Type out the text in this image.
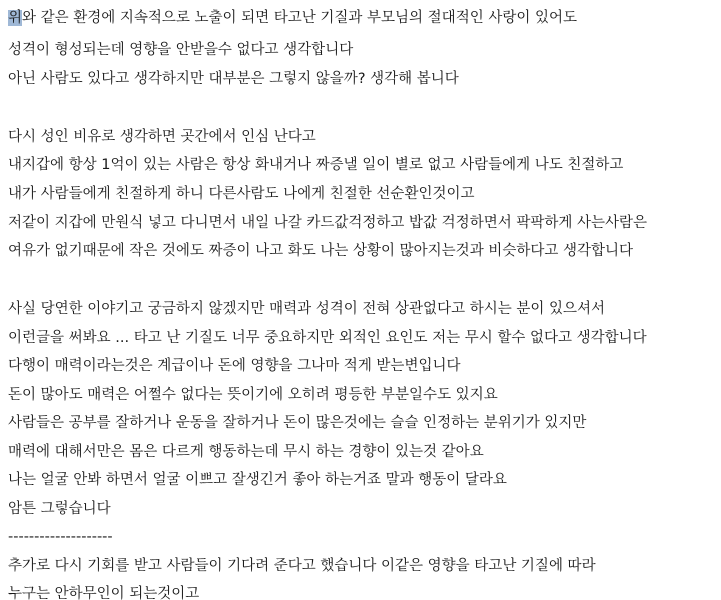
위와 같은 환경에 지속적으로 노출이 되면 타고난 기질과 부모님의 절대적인 사랑이 있어도

성격이 형성되는데 영향을 안받을수 없다고 생각합니다

아닌 사람도 있다고 생각하지만 대부분은 그렇지 않을까? 생각해 봅니다

다시 성인 비유로 생각하면 곳간에서 인심 난다고

내지갑에 항상 1억이 있는 사람은 항상 화내거나 짜증낼 일이 별로 없고 사람들에게 나도 친절하고

내가 사람들에게 친절하게 하니 다른사람도 나에게 친절한 선순환인것이고

저같이 지갑에 만원식 넣고 다니면서 내일 나갈 카드값걱정하고 밥값 걱정하면서 팍팍하게 사는사람은

여유가 없기때문에 작은 것에도 짜증이 나고 화도 나는 상황이 많아지는것과 비슷하다고 생각합니다

사실 당연한 이야기고 궁금하지 않겠지만 매력과 성격이 전혀 상관없다고 하시는 분이 있으셔서

이런글을 써봐요 ... 타고 난 기질도 너무 중요하지만 외적인 요인도 저는 무시 할수 없다고 생각합니다

다행이 매력이라는것은 계급이나 돈에 영향을 그나마 적게 받는변입니다

돈이 많아도 매력은 어쩔수 없다는 뜻이기에 오히려 평등한 부분일수도 있지요

사람들은 공부를 잘하거나 운동을 잘하거나 돈이 많은것에는 슬슬 인정하는 분위기가 있지만

매력에 대해서만은 몸은 다르게 행동하는데 무시 하는 경향이 있는것 같아요

나는 얼굴 안봐 하면서 얼굴 이쁘고 잘생긴거 좋아 하는거죠 말과 행동이 달라요

암튼 그렇습니다

--------------------

추가로 다시 기회를 받고 사람들이 기다려 준다고 했습니다 이같은 영향을 타고난 기질에 따라

누구는 안하무인이 되는것이고
